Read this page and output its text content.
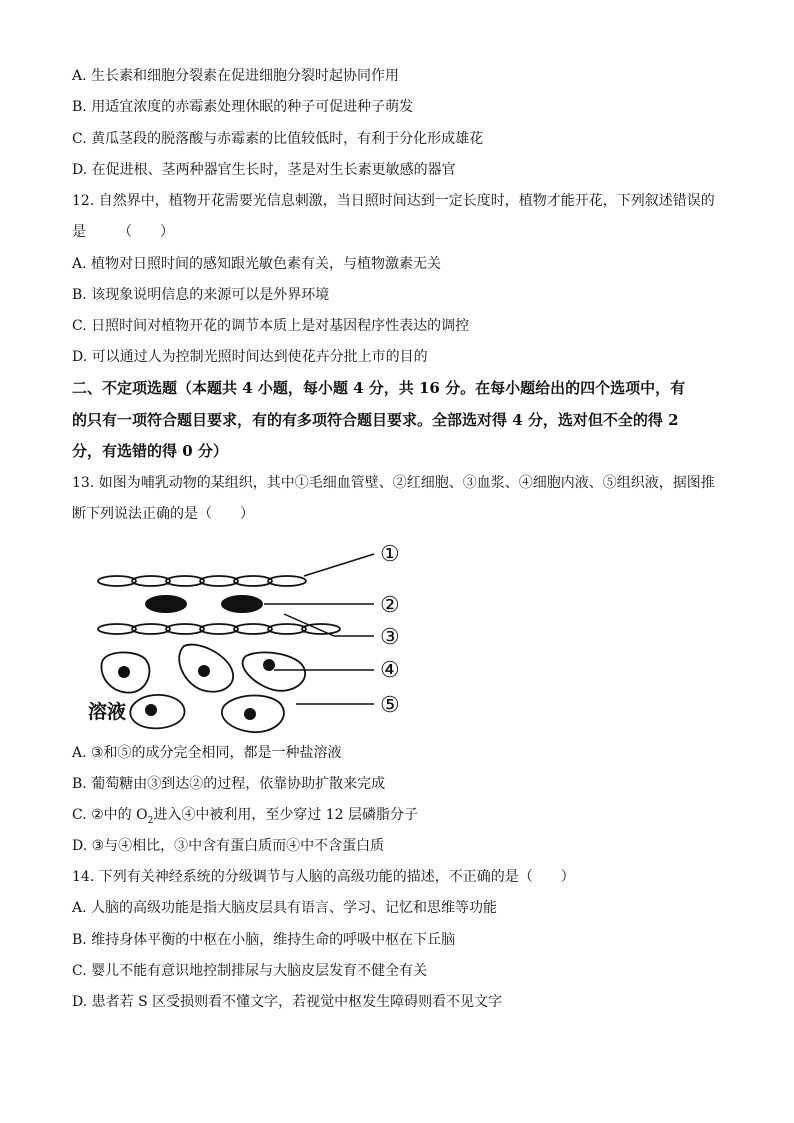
A. 生长素和细胞分裂素在促进细胞分裂时起协同作用
B. 用适宜浓度的赤霉素处理休眠的种子可促进种子萌发
C. 黄瓜茎段的脱落酸与赤霉素的比值较低时，有利于分化形成雄花
D. 在促进根、茎两种器官生长时，茎是对生长素更敏感的器官
12. 自然界中，植物开花需要光信息刺激，当日照时间达到一定长度时，植物才能开花，下列叙述错误的
是 （　　）
A. 植物对日照时间的感知跟光敏色素有关，与植物激素无关
B. 该现象说明信息的来源可以是外界环境
C. 日照时间对植物开花的调节本质上是对基因程序性表达的调控
D. 可以通过人为控制光照时间达到使花卉分批上市的目的
二、不定项选题（本题共 4 小题，每小题 4 分，共 16 分。在每小题给出的四个选项中，有
的只有一项符合题目要求，有的有多项符合题目要求。全部选对得 4 分，选对但不全的得 2
分，有选错的得 0 分）
13. 如图为哺乳动物的某组织，其中①毛细血管壁、②红细胞、③血浆、④细胞内液、⑤组织液，据图推
断下列说法正确的是（　　）
①
②
③
④
⑤
溶液
A. ③和⑤的成分完全相同，都是一种盐溶液
B. 葡萄糖由③到达②的过程，依靠协助扩散来完成
C. ②中的 $O_2$进入④中被利用，至少穿过 12 层磷脂分子
D. ③与④相比，③中含有蛋白质而④中不含蛋白质
14. 下列有关神经系统的分级调节与人脑的高级功能的描述，不正确的是（　　）
A. 人脑的高级功能是指大脑皮层具有语言、学习、记忆和思维等功能
B. 维持身体平衡的中枢在小脑，维持生命的呼吸中枢在下丘脑
C. 婴儿不能有意识地控制排尿与大脑皮层发育不健全有关
D. 患者若 S 区受损则看不懂文字，若视觉中枢发生障碍则看不见文字
